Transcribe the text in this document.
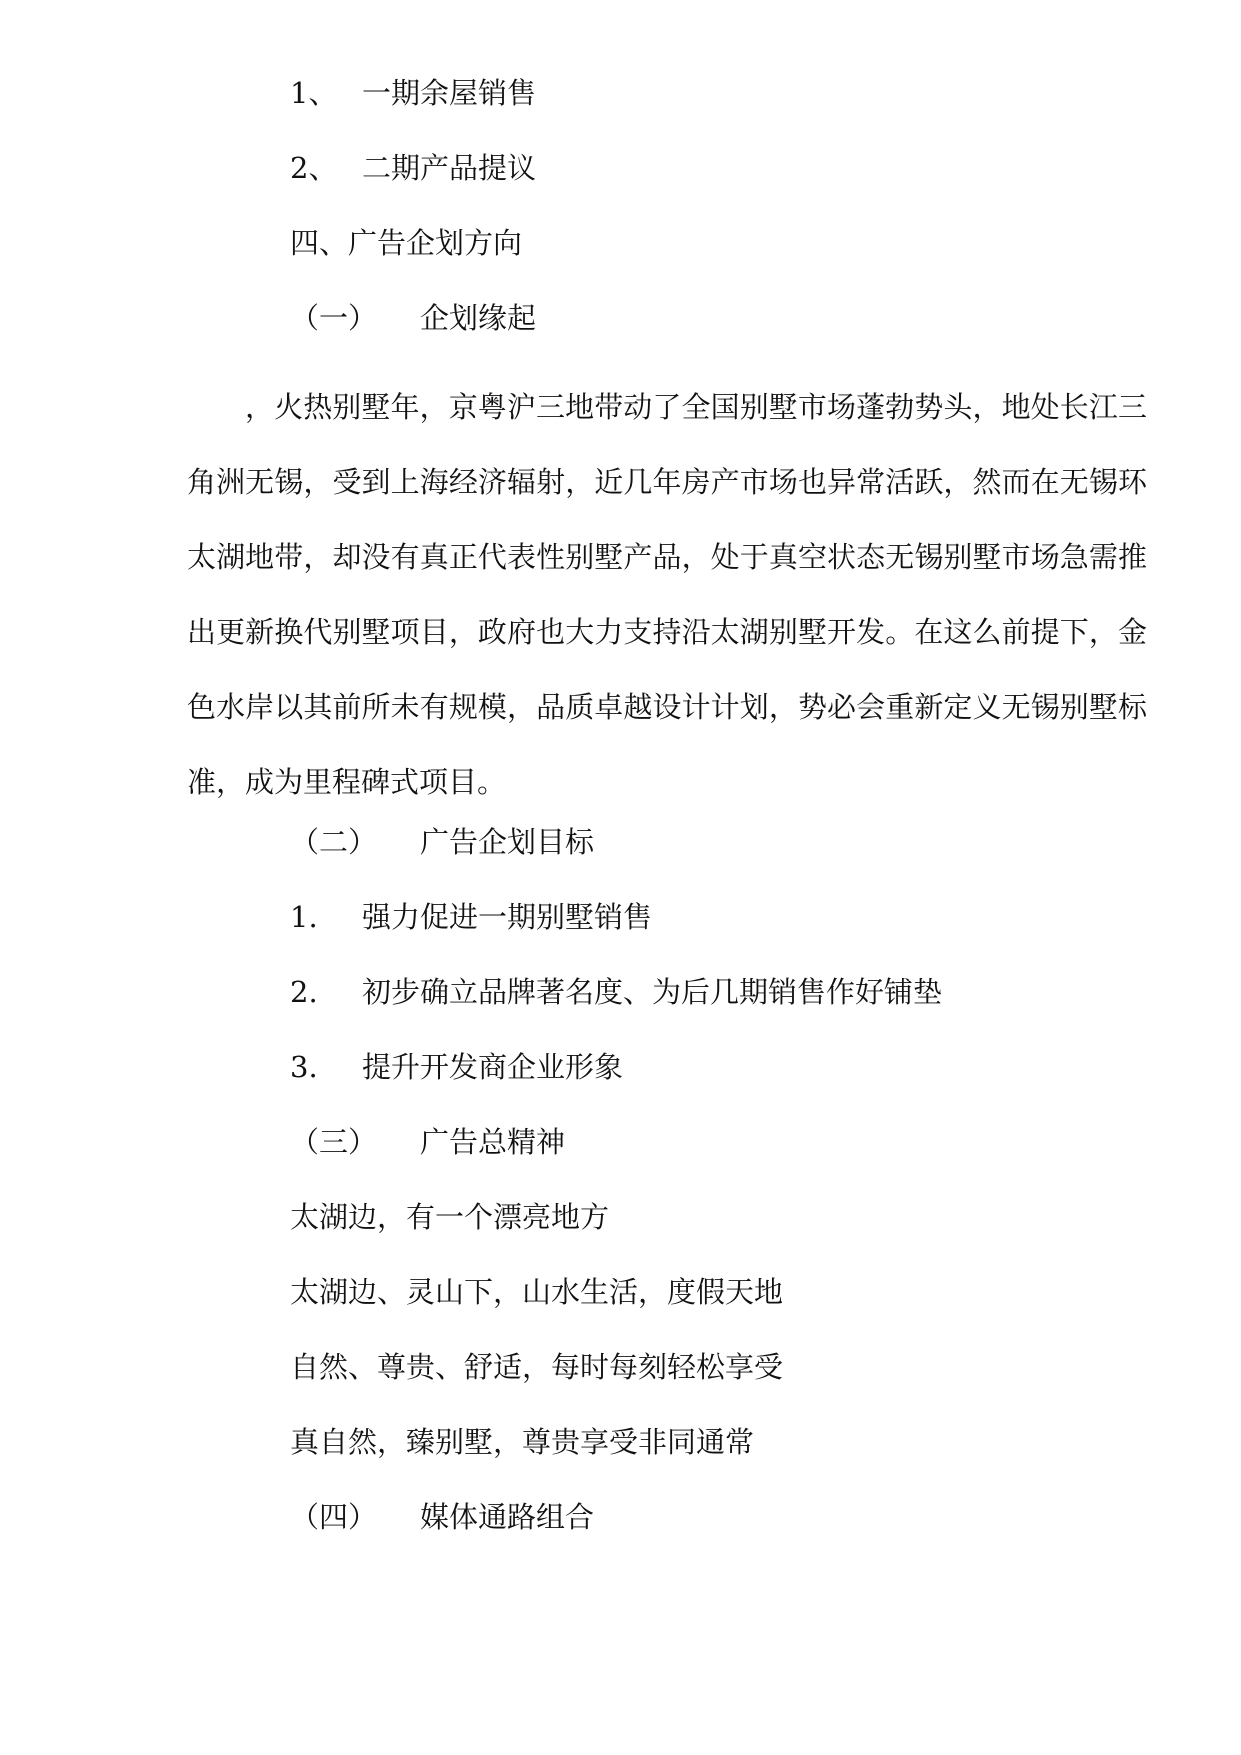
1、 一期余屋销售
2、 二期产品提议
四、广告企划方向
（一） 企划缘起
，火热别墅年，京粤沪三地带动了全国别墅市场蓬勃势头，地处长江三角洲无锡，受到上海经济辐射，近几年房产市场也异常活跃，然而在无锡环太湖地带，却没有真正代表性别墅产品，处于真空状态无锡别墅市场急需推出更新换代别墅项目，政府也大力支持沿太湖别墅开发。在这么前提下，金色水岸以其前所未有规模，品质卓越设计计划，势必会重新定义无锡别墅标准，成为里程碑式项目。
（二） 广告企划目标
1. 强力促进一期别墅销售
2. 初步确立品牌著名度、为后几期销售作好铺垫
3. 提升开发商企业形象
（三） 广告总精神
太湖边，有一个漂亮地方
太湖边、灵山下，山水生活，度假天地
自然、尊贵、舒适，每时每刻轻松享受
真自然，臻别墅，尊贵享受非同通常
（四） 媒体通路组合
